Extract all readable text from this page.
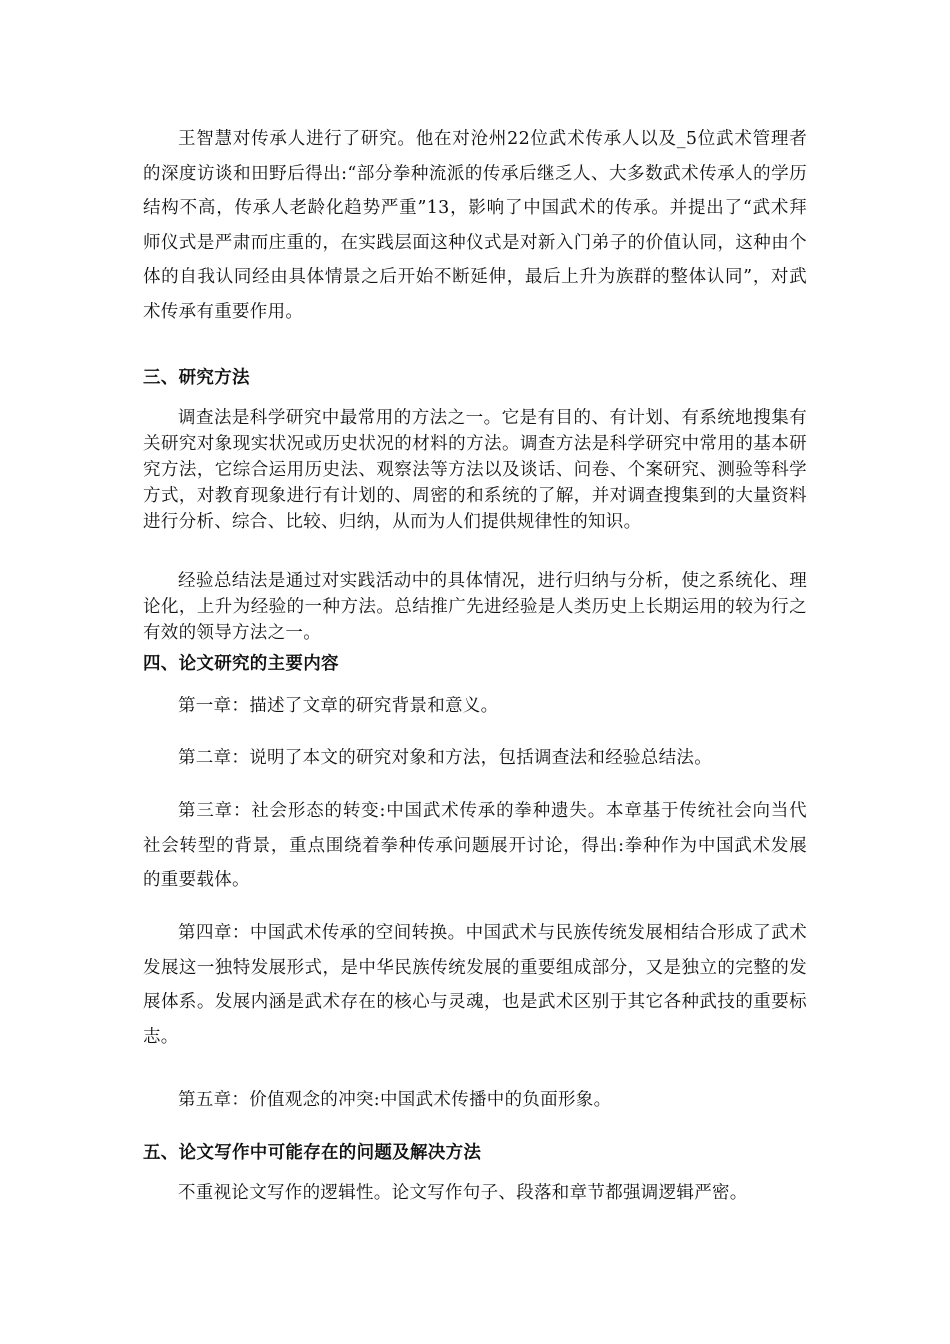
王智慧对传承人进行了研究。他在对沧州22位武术传承人以及_5位武术管理者的深度访谈和田野后得出:“部分拳种流派的传承后继乏人、大多数武术传承人的学历结构不高，传承人老龄化趋势严重”13，影响了中国武术的传承。并提出了“武术拜师仪式是严肃而庄重的，在实践层面这种仪式是对新入门弟子的价值认同，这种由个体的自我认同经由具体情景之后开始不断延伸，最后上升为族群的整体认同”，对武术传承有重要作用。

三、研究方法

调查法是科学研究中最常用的方法之一。它是有目的、有计划、有系统地搜集有关研究对象现实状况或历史状况的材料的方法。调查方法是科学研究中常用的基本研究方法，它综合运用历史法、观察法等方法以及谈话、问卷、个案研究、测验等科学方式，对教育现象进行有计划的、周密的和系统的了解，并对调查搜集到的大量资料进行分析、综合、比较、归纳，从而为人们提供规律性的知识。

经验总结法是通过对实践活动中的具体情况，进行归纳与分析，使之系统化、理论化，上升为经验的一种方法。总结推广先进经验是人类历史上长期运用的较为行之有效的领导方法之一。

四、论文研究的主要内容

第一章：描述了文章的研究背景和意义。

第二章：说明了本文的研究对象和方法，包括调查法和经验总结法。

第三章：社会形态的转变:中国武术传承的拳种遗失。本章基于传统社会向当代社会转型的背景，重点围绕着拳种传承问题展开讨论，得出:拳种作为中国武术发展的重要载体。

第四章：中国武术传承的空间转换。中国武术与民族传统发展相结合形成了武术发展这一独特发展形式，是中华民族传统发展的重要组成部分，又是独立的完整的发展体系。发展内涵是武术存在的核心与灵魂，也是武术区别于其它各种武技的重要标志。

第五章：价值观念的冲突:中国武术传播中的负面形象。

五、论文写作中可能存在的问题及解决方法

不重视论文写作的逻辑性。论文写作句子、段落和章节都强调逻辑严密。
